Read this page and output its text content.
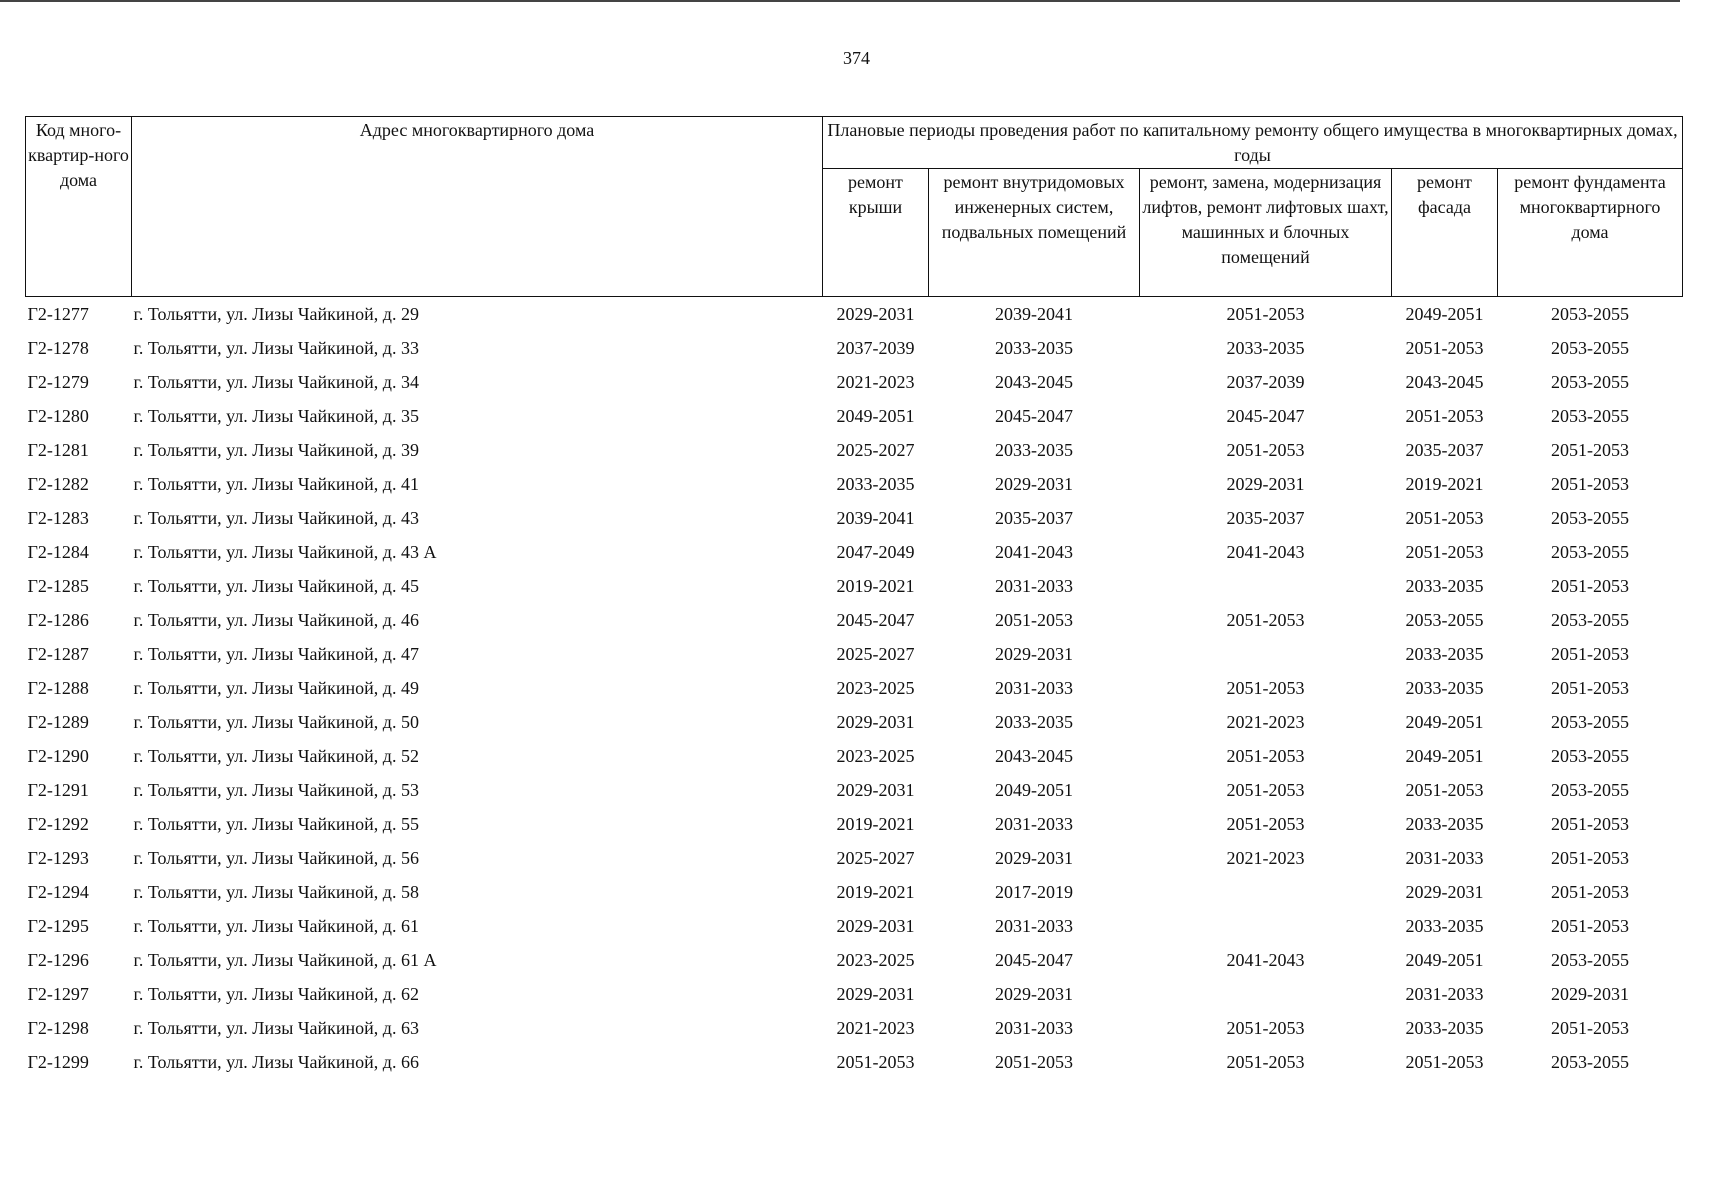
374
Код много-квартир-ного дома	Адрес многоквартирного дома	Плановые периоды проведения работ по капитальному ремонту общего имущества в многоквартирных домах, годы				
		ремонт крыши	ремонт внутридомовых инженерных систем, подвальных помещений	ремонт, замена, модернизация лифтов, ремонт лифтовых шахт, машинных и блочных помещений	ремонт фасада	ремонт фундамента многоквартирного дома
Г2-1277	г. Тольятти, ул. Лизы Чайкиной, д. 29	2029-2031	2039-2041	2051-2053	2049-2051	2053-2055
Г2-1278	г. Тольятти, ул. Лизы Чайкиной, д. 33	2037-2039	2033-2035	2033-2035	2051-2053	2053-2055
Г2-1279	г. Тольятти, ул. Лизы Чайкиной, д. 34	2021-2023	2043-2045	2037-2039	2043-2045	2053-2055
Г2-1280	г. Тольятти, ул. Лизы Чайкиной, д. 35	2049-2051	2045-2047	2045-2047	2051-2053	2053-2055
Г2-1281	г. Тольятти, ул. Лизы Чайкиной, д. 39	2025-2027	2033-2035	2051-2053	2035-2037	2051-2053
Г2-1282	г. Тольятти, ул. Лизы Чайкиной, д. 41	2033-2035	2029-2031	2029-2031	2019-2021	2051-2053
Г2-1283	г. Тольятти, ул. Лизы Чайкиной, д. 43	2039-2041	2035-2037	2035-2037	2051-2053	2053-2055
Г2-1284	г. Тольятти, ул. Лизы Чайкиной, д. 43 А	2047-2049	2041-2043	2041-2043	2051-2053	2053-2055
Г2-1285	г. Тольятти, ул. Лизы Чайкиной, д. 45	2019-2021	2031-2033		2033-2035	2051-2053
Г2-1286	г. Тольятти, ул. Лизы Чайкиной, д. 46	2045-2047	2051-2053	2051-2053	2053-2055	2053-2055
Г2-1287	г. Тольятти, ул. Лизы Чайкиной, д. 47	2025-2027	2029-2031		2033-2035	2051-2053
Г2-1288	г. Тольятти, ул. Лизы Чайкиной, д. 49	2023-2025	2031-2033	2051-2053	2033-2035	2051-2053
Г2-1289	г. Тольятти, ул. Лизы Чайкиной, д. 50	2029-2031	2033-2035	2021-2023	2049-2051	2053-2055
Г2-1290	г. Тольятти, ул. Лизы Чайкиной, д. 52	2023-2025	2043-2045	2051-2053	2049-2051	2053-2055
Г2-1291	г. Тольятти, ул. Лизы Чайкиной, д. 53	2029-2031	2049-2051	2051-2053	2051-2053	2053-2055
Г2-1292	г. Тольятти, ул. Лизы Чайкиной, д. 55	2019-2021	2031-2033	2051-2053	2033-2035	2051-2053
Г2-1293	г. Тольятти, ул. Лизы Чайкиной, д. 56	2025-2027	2029-2031	2021-2023	2031-2033	2051-2053
Г2-1294	г. Тольятти, ул. Лизы Чайкиной, д. 58	2019-2021	2017-2019		2029-2031	2051-2053
Г2-1295	г. Тольятти, ул. Лизы Чайкиной, д. 61	2029-2031	2031-2033		2033-2035	2051-2053
Г2-1296	г. Тольятти, ул. Лизы Чайкиной, д. 61 А	2023-2025	2045-2047	2041-2043	2049-2051	2053-2055
Г2-1297	г. Тольятти, ул. Лизы Чайкиной, д. 62	2029-2031	2029-2031		2031-2033	2029-2031
Г2-1298	г. Тольятти, ул. Лизы Чайкиной, д. 63	2021-2023	2031-2033	2051-2053	2033-2035	2051-2053
Г2-1299	г. Тольятти, ул. Лизы Чайкиной, д. 66	2051-2053	2051-2053	2051-2053	2051-2053	2053-2055
